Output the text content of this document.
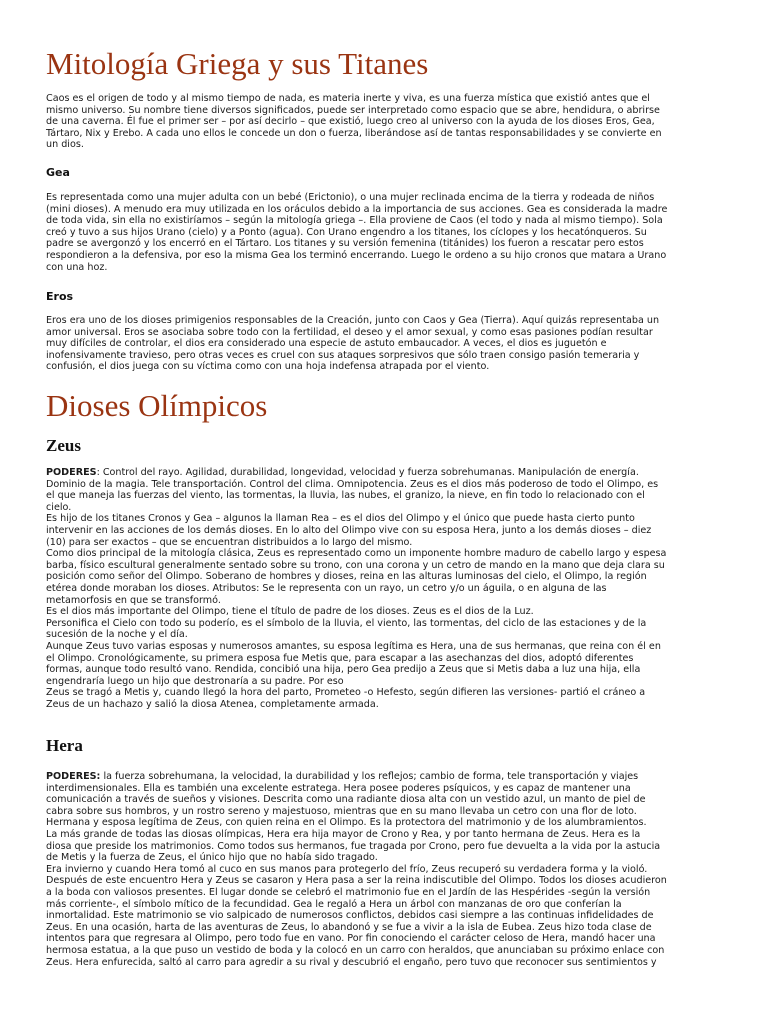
Mitología Griega y sus Titanes
Caos es el origen de todo y al mismo tiempo de nada, es materia inerte y viva, es una fuerza mística que existió antes que el
mismo universo. Su nombre tiene diversos significados, puede ser interpretado como espacio que se abre, hendidura, o abrirse
de una caverna. Él fue el primer ser – por así decirlo – que existió, luego creo al universo con la ayuda de los dioses Eros, Gea,
Tártaro, Nix y Erebo. A cada uno ellos le concede un don o fuerza, liberándose así de tantas responsabilidades y se convierte en
un dios.
Gea
Es representada como una mujer adulta con un bebé (Erictonio), o una mujer reclinada encima de la tierra y rodeada de niños
(mini dioses). A menudo era muy utilizada en los oráculos debido a la importancia de sus acciones. Gea es considerada la madre
de toda vida, sin ella no existiríamos – según la mitología griega –. Ella proviene de Caos (el todo y nada al mismo tiempo). Sola
creó y tuvo a sus hijos Urano (cielo) y a Ponto (agua). Con Urano engendro a los titanes, los cíclopes y los hecatónqueros. Su
padre se avergonzó y los encerró en el Tártaro. Los titanes y su versión femenina (titánides) los fueron a rescatar pero estos
respondieron a la defensiva, por eso la misma Gea los terminó encerrando. Luego le ordeno a su hijo cronos que matara a Urano
con una hoz.
Eros
Eros era uno de los dioses primigenios responsables de la Creación, junto con Caos y Gea (Tierra). Aquí quizás representaba un
amor universal. Eros se asociaba sobre todo con la fertilidad, el deseo y el amor sexual, y como esas pasiones podían resultar
muy difíciles de controlar, el dios era considerado una especie de astuto embaucador. A veces, el dios es juguetón e
inofensivamente travieso, pero otras veces es cruel con sus ataques sorpresivos que sólo traen consigo pasión temeraria y
confusión, el dios juega con su víctima como con una hoja indefensa atrapada por el viento.
Dioses Olímpicos
Zeus
PODERES: Control del rayo. Agilidad, durabilidad, longevidad, velocidad y fuerza sobrehumanas. Manipulación de energía.
Dominio de la magia. Tele transportación. Control del clima. Omnipotencia. Zeus es el dios más poderoso de todo el Olimpo, es
el que maneja las fuerzas del viento, las tormentas, la lluvia, las nubes, el granizo, la nieve, en fin todo lo relacionado con el
cielo.
Es hijo de los titanes Cronos y Gea – algunos la llaman Rea – es el dios del Olimpo y el único que puede hasta cierto punto
intervenir en las acciones de los demás dioses. En lo alto del Olimpo vive con su esposa Hera, junto a los demás dioses – diez
(10) para ser exactos – que se encuentran distribuidos a lo largo del mismo.
Como dios principal de la mitología clásica, Zeus es representado como un imponente hombre maduro de cabello largo y espesa
barba, físico escultural generalmente sentado sobre su trono, con una corona y un cetro de mando en la mano que deja clara su
posición como señor del Olimpo. Soberano de hombres y dioses, reina en las alturas luminosas del cielo, el Olimpo, la región
etérea donde moraban los dioses. Atributos: Se le representa con un rayo, un cetro y/o un águila, o en alguna de las
metamorfosis en que se transformó.
Es el dios más importante del Olimpo, tiene el título de padre de los dioses. Zeus es el dios de la Luz.
Personifica el Cielo con todo su poderío, es el símbolo de la lluvia, el viento, las tormentas, del ciclo de las estaciones y de la
sucesión de la noche y el día.
Aunque Zeus tuvo varias esposas y numerosos amantes, su esposa legítima es Hera, una de sus hermanas, que reina con él en
el Olimpo. Cronológicamente, su primera esposa fue Metis que, para escapar a las asechanzas del dios, adoptó diferentes
formas, aunque todo resultó vano. Rendida, concibió una hija, pero Gea predijo a Zeus que si Metis daba a luz una hija, ella
engendraría luego un hijo que destronaría a su padre. Por eso
Zeus se tragó a Metis y, cuando llegó la hora del parto, Prometeo -o Hefesto, según difieren las versiones- partió el cráneo a
Zeus de un hachazo y salió la diosa Atenea, completamente armada.
Hera
PODERES: la fuerza sobrehumana, la velocidad, la durabilidad y los reflejos; cambio de forma, tele transportación y viajes
interdimensionales. Ella es también una excelente estratega. Hera posee poderes psíquicos, y es capaz de mantener una
comunicación a través de sueños y visiones. Descrita como una radiante diosa alta con un vestido azul, un manto de piel de
cabra sobre sus hombros, y un rostro sereno y majestuoso, mientras que en su mano llevaba un cetro con una flor de loto.
Hermana y esposa legítima de Zeus, con quien reina en el Olimpo. Es la protectora del matrimonio y de los alumbramientos.
La más grande de todas las diosas olímpicas, Hera era hija mayor de Crono y Rea, y por tanto hermana de Zeus. Hera es la
diosa que preside los matrimonios. Como todos sus hermanos, fue tragada por Crono, pero fue devuelta a la vida por la astucia
de Metis y la fuerza de Zeus, el único hijo que no había sido tragado.
Era invierno y cuando Hera tomó al cuco en sus manos para protegerlo del frío, Zeus recuperó su verdadera forma y la violó.
Después de este encuentro Hera y Zeus se casaron y Hera pasa a ser la reina indiscutible del Olimpo. Todos los dioses acudieron
a la boda con valiosos presentes. El lugar donde se celebró el matrimonio fue en el Jardín de las Hespérides -según la versión
más corriente-, el símbolo mítico de la fecundidad. Gea le regaló a Hera un árbol con manzanas de oro que conferían la
inmortalidad. Este matrimonio se vio salpicado de numerosos conflictos, debidos casi siempre a las continuas infidelidades de
Zeus. En una ocasión, harta de las aventuras de Zeus, lo abandonó y se fue a vivir a la isla de Eubea. Zeus hizo toda clase de
intentos para que regresara al Olimpo, pero todo fue en vano. Por fin conociendo el carácter celoso de Hera, mandó hacer una
hermosa estatua, a la que puso un vestido de boda y la colocó en un carro con heraldos, que anunciaban su próximo enlace con
Zeus. Hera enfurecida, saltó al carro para agredir a su rival y descubrió el engaño, pero tuvo que reconocer sus sentimientos y
